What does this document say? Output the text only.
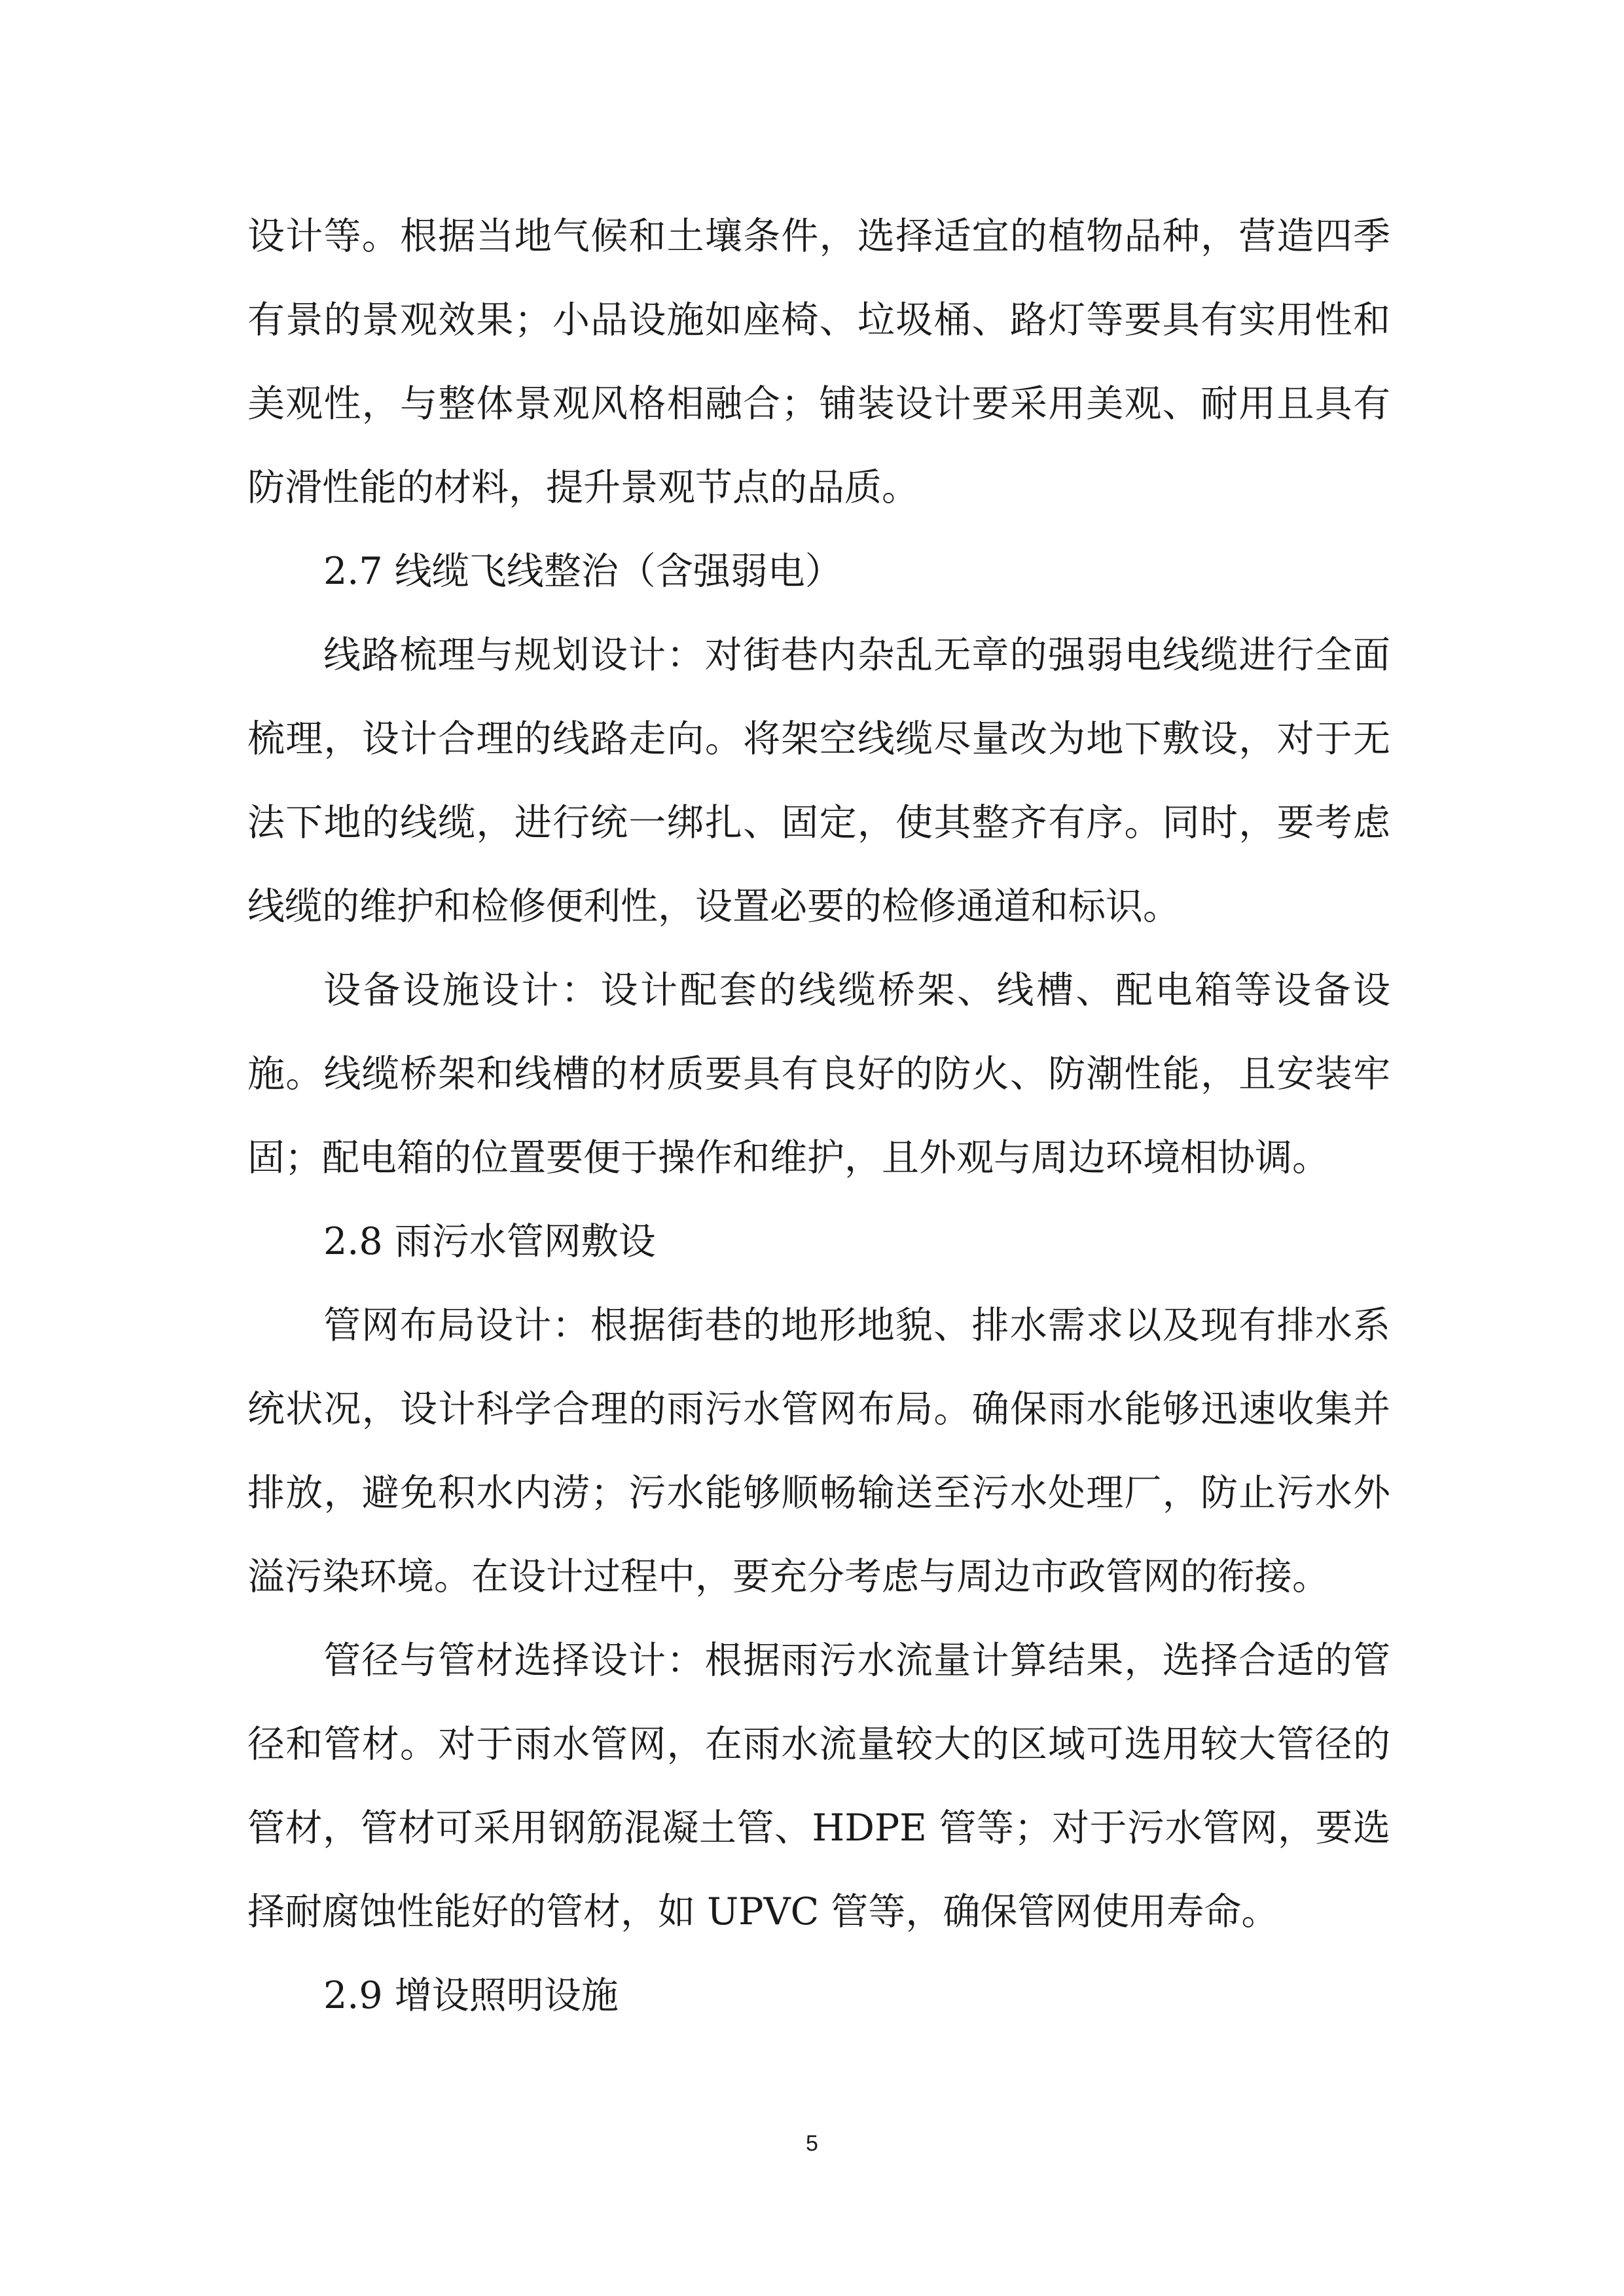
设计等。根据当地气候和土壤条件，选择适宜的植物品种，营造四季有景的景观效果；小品设施如座椅、垃圾桶、路灯等要具有实用性和美观性，与整体景观风格相融合；铺装设计要采用美观、耐用且具有防滑性能的材料，提升景观节点的品质。

2.7 线缆飞线整治（含强弱电）

线路梳理与规划设计：对街巷内杂乱无章的强弱电线缆进行全面梳理，设计合理的线路走向。将架空线缆尽量改为地下敷设，对于无法下地的线缆，进行统一绑扎、固定，使其整齐有序。同时，要考虑线缆的维护和检修便利性，设置必要的检修通道和标识。

设备设施设计：设计配套的线缆桥架、线槽、配电箱等设备设施。线缆桥架和线槽的材质要具有良好的防火、防潮性能，且安装牢固；配电箱的位置要便于操作和维护，且外观与周边环境相协调。

2.8 雨污水管网敷设

管网布局设计：根据街巷的地形地貌、排水需求以及现有排水系统状况，设计科学合理的雨污水管网布局。确保雨水能够迅速收集并排放，避免积水内涝；污水能够顺畅输送至污水处理厂，防止污水外溢污染环境。在设计过程中，要充分考虑与周边市政管网的衔接。

管径与管材选择设计：根据雨污水流量计算结果，选择合适的管径和管材。对于雨水管网，在雨水流量较大的区域可选用较大管径的管材，管材可采用钢筋混凝土管、HDPE 管等；对于污水管网，要选择耐腐蚀性能好的管材，如 UPVC 管等，确保管网使用寿命。

2.9 增设照明设施

5
